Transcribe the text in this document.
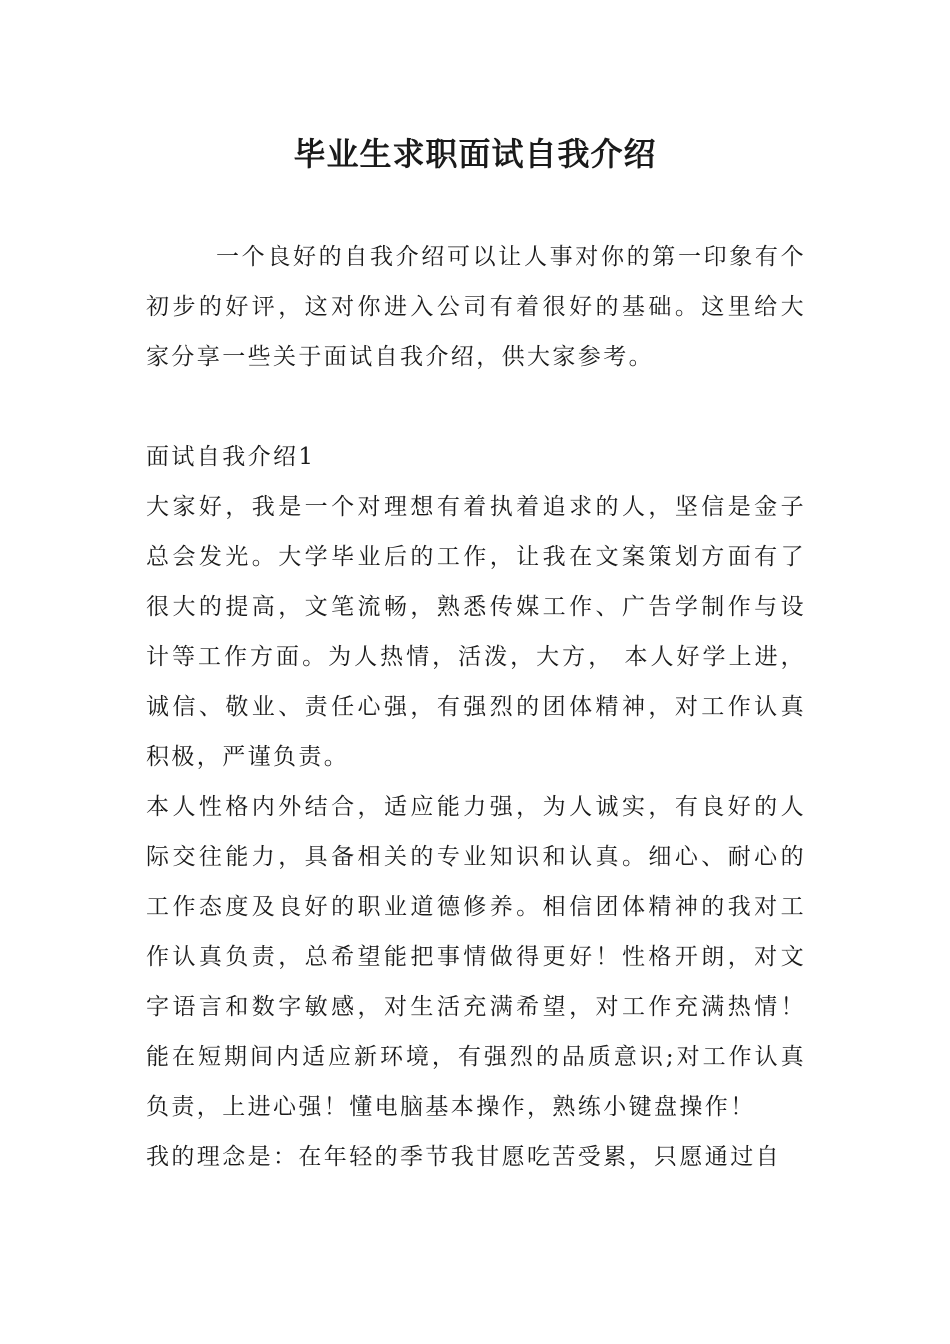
毕业生求职面试自我介绍

一个良好的自我介绍可以让人事对你的第一印象有个初步的好评，这对你进入公司有着很好的基础。这里给大家分享一些关于面试自我介绍，供大家参考。

面试自我介绍1

大家好，我是一个对理想有着执着追求的人，坚信是金子总会发光。大学毕业后的工作，让我在文案策划方面有了很大的提高，文笔流畅，熟悉传媒工作、广告学制作与设计等工作方面。为人热情，活泼，大方， 本人好学上进，诚信、敬业、责任心强，有强烈的团体精神，对工作认真积极，严谨负责。

本人性格内外结合，适应能力强，为人诚实，有良好的人际交往能力，具备相关的专业知识和认真。细心、耐心的工作态度及良好的职业道德修养。相信团体精神的我对工作认真负责，总希望能把事情做得更好！性格开朗，对文字语言和数字敏感，对生活充满希望，对工作充满热情！能在短期间内适应新环境，有强烈的品质意识;对工作认真负责，上进心强！懂电脑基本操作，熟练小键盘操作！

我的理念是：在年轻的季节我甘愿吃苦受累，只愿通过自
